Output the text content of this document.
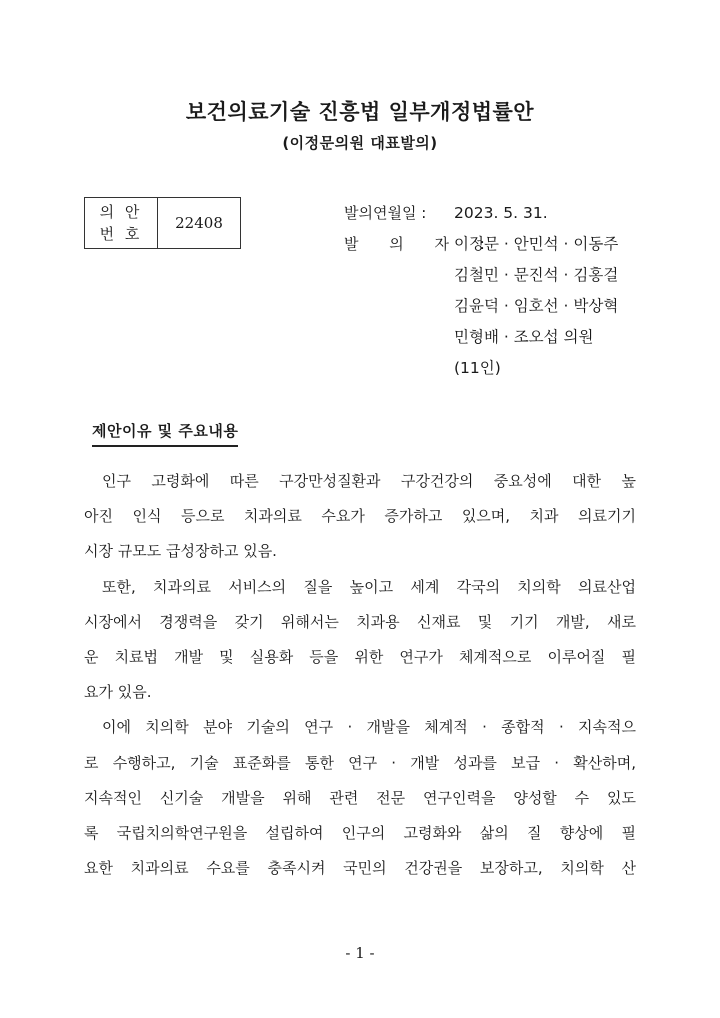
보건의료기술 진흥법 일부개정법률안
(이정문의원 대표발의)
의 안
번 호
22408
발의연월일 :	2023. 5. 31.
발 의 자 :
이정문 · 안민석 · 이동주
김철민 · 문진석 · 김홍걸
김윤덕 · 임호선 · 박상혁
민형배 · 조오섭 의원
(11인)
제안이유 및 주요내용
인구 고령화에 따른 구강만성질환과 구강건강의 중요성에 대한 높
아진 인식 등으로 치과의료 수요가 증가하고 있으며, 치과 의료기기
시장 규모도 급성장하고 있음.
또한, 치과의료 서비스의 질을 높이고 세계 각국의 치의학 의료산업
시장에서 경쟁력을 갖기 위해서는 치과용 신재료 및 기기 개발, 새로
운 치료법 개발 및 실용화 등을 위한 연구가 체계적으로 이루어질 필
요가 있음.
이에 치의학 분야 기술의 연구 · 개발을 체계적 · 종합적 · 지속적으
로 수행하고, 기술 표준화를 통한 연구 · 개발 성과를 보급 · 확산하며,
지속적인 신기술 개발을 위해 관련 전문 연구인력을 양성할 수 있도
록 국립치의학연구원을 설립하여 인구의 고령화와 삶의 질 향상에 필
요한 치과의료 수요를 충족시켜 국민의 건강권을 보장하고, 치의학 산
- 1 -
